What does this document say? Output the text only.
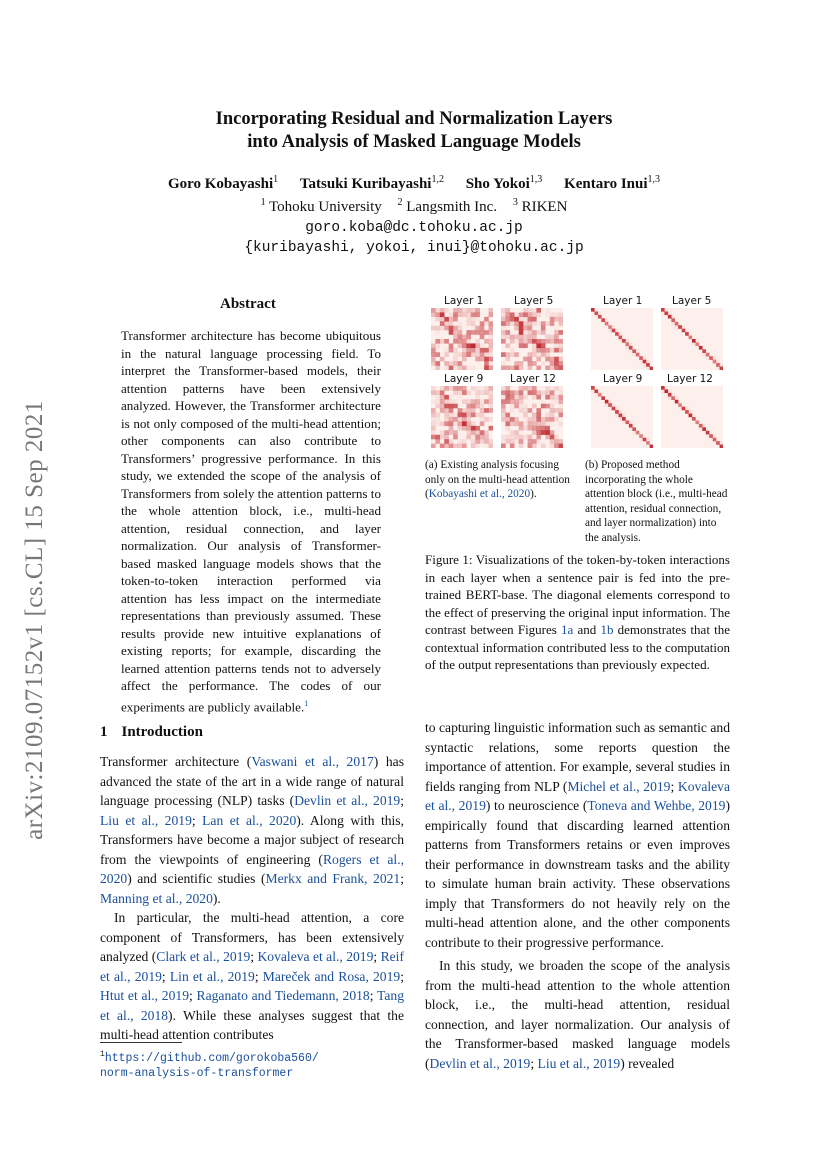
arXiv:2109.07152v1 [cs.CL] 15 Sep 2021
Incorporating Residual and Normalization Layers
into Analysis of Masked Language Models
Goro Kobayashi$^1$ Tatsuki Kuribayashi$^{1,2}$ Sho Yokoi$^{1,3}$ Kentaro Inui$^{1,3}$
$^1$ Tohoku University $^2$ Langsmith Inc. $^3$ RIKEN
goro.koba@dc.tohoku.ac.jp
{kuribayashi, yokoi, inui}@tohoku.ac.jp
Abstract
Transformer architecture has become ubiquitous in the natural language processing field. To interpret the Transformer-based models, their attention patterns have been extensively analyzed. However, the Transformer architecture is not only composed of the multi-head attention; other components can also contribute to Transformers’ progressive performance. In this study, we extended the scope of the analysis of Transformers from solely the attention patterns to the whole attention block, i.e., multi-head attention, residual connection, and layer normalization. Our analysis of Transformer-based masked language models shows that the token-to-token interaction performed via attention has less impact on the intermediate representations than previously assumed. These results provide new intuitive explanations of existing reports; for example, discarding the learned attention patterns tends not to adversely affect the performance. The codes of our experiments are publicly available.$^1$
Layer 1	Layer 5
Layer 9	Layer 12
Layer 1	Layer 5
Layer 9 Layer 12
(a) Existing analysis focusing only on the multi-head attention (Kobayashi et al., 2020).
(b) Proposed method incorporating the whole attention block (i.e., multi-head attention, residual connection, and layer normalization) into the analysis.
Figure 1: Visualizations of the token-by-token interactions in each layer when a sentence pair is fed into the pre-trained BERT-base. The diagonal elements correspond to the effect of preserving the original input information. The contrast between Figures 1a and 1b demonstrates that the contextual information contributed less to the computation of the output representations than previously expected.
1 Introduction

Transformer architecture (Vaswani et al., 2017) has advanced the state of the art in a wide range of natural language processing (NLP) tasks (Devlin et al., 2019; Liu et al., 2019; Lan et al., 2020). Along with this, Transformers have become a major subject of research from the viewpoints of engineering (Rogers et al., 2020) and scientific studies (Merkx and Frank, 2021; Manning et al., 2020).

In particular, the multi-head attention, a core component of Transformers, has been extensively analyzed (Clark et al., 2019; Kovaleva et al., 2019; Reif et al., 2019; Lin et al., 2019; Mareček and Rosa, 2019; Htut et al., 2019; Raganato and Tiedemann, 2018; Tang et al., 2018). While these analyses suggest that the multi-head attention contributes

to capturing linguistic information such as semantic and syntactic relations, some reports question the importance of attention. For example, several studies in fields ranging from NLP (Michel et al., 2019; Kovaleva et al., 2019) to neuroscience (Toneva and Wehbe, 2019) empirically found that discarding learned attention patterns from Transformers retains or even improves their performance in downstream tasks and the ability to simulate human brain activity. These observations imply that Transformers do not heavily rely on the multi-head attention alone, and the other components contribute to their progressive performance.

In this study, we broaden the scope of the analysis from the multi-head attention to the whole attention block, i.e., the multi-head attention, residual connection, and layer normalization. Our analysis of the Transformer-based masked language models (Devlin et al., 2019; Liu et al., 2019) revealed

$^1$https://github.com/gorokoba560/
norm-analysis-of-transformer
